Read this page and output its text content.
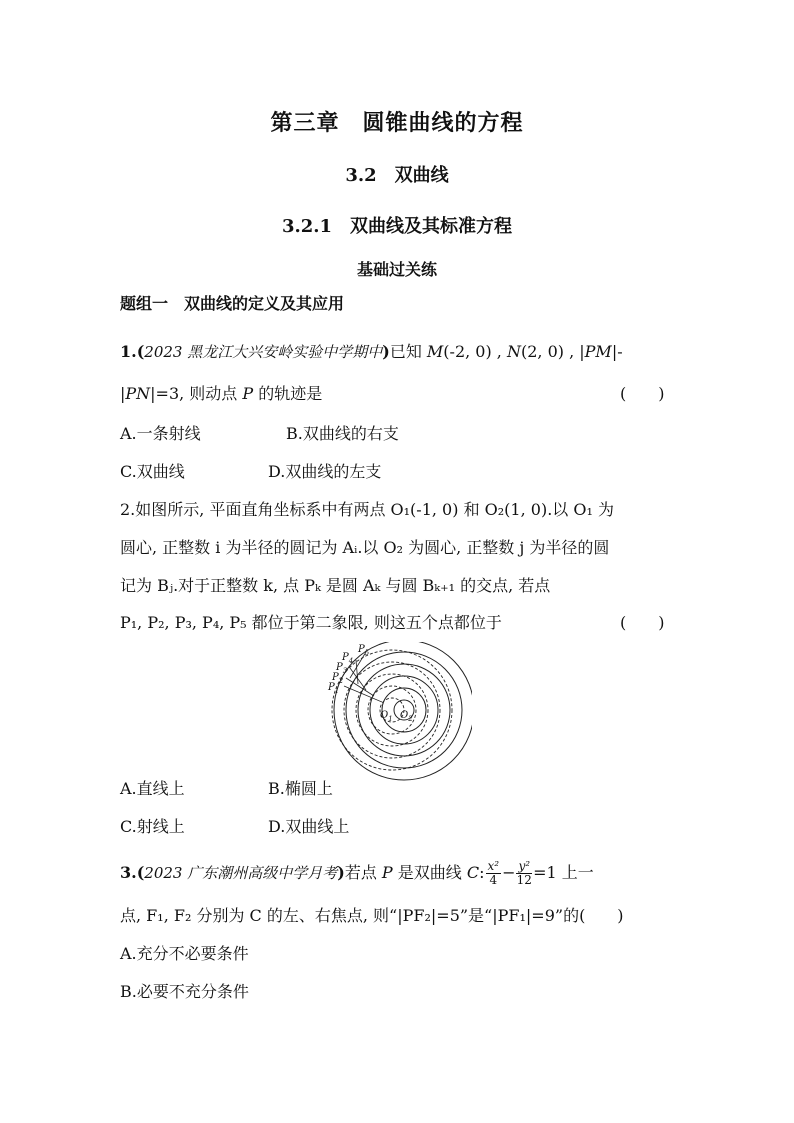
第三章　圆锥曲线的方程
3.2　双曲线
3.2.1　双曲线及其标准方程
基础过关练
题组一　双曲线的定义及其应用
1.(2023 黑龙江大兴安岭实验中学期中)已知 M(-2, 0) , N(2, 0) , |PM|-
|PN|=3, 则动点 P 的轨迹是	(　　)
A.一条射线	B.双曲线的右支
C.双曲线	D.双曲线的左支
2.如图所示, 平面直角坐标系中有两点 O₁(-1, 0) 和 O₂(1, 0).以 O₁ 为
圆心, 正整数 i 为半径的圆记为 Aᵢ.以 O₂ 为圆心, 正整数 j 为半径的圆
记为 Bⱼ.对于正整数 k, 点 Pₖ 是圆 Aₖ 与圆 Bₖ₊₁ 的交点, 若点
P₁, P₂, P₃, P₄, P₅ 都位于第二象限, 则这五个点都位于	(　　)
$P_1$
$P_2$
$P_3$
$P_4$
$P_5$
$O_1$ $O_2$
A.直线上	B.椭圆上
C.射线上	D.双曲线上
3.(2023 广东潮州高级中学月考)若点 P 是双曲线 C: $\frac{\text{x²}}{4} - \frac{\text{y²}}{12} =1$ 上一
点, F₁, F₂ 分别为 C 的左、右焦点, 则“|PF₂|=5”是“|PF₁|=9”的(　　)
A.充分不必要条件
B.必要不充分条件
